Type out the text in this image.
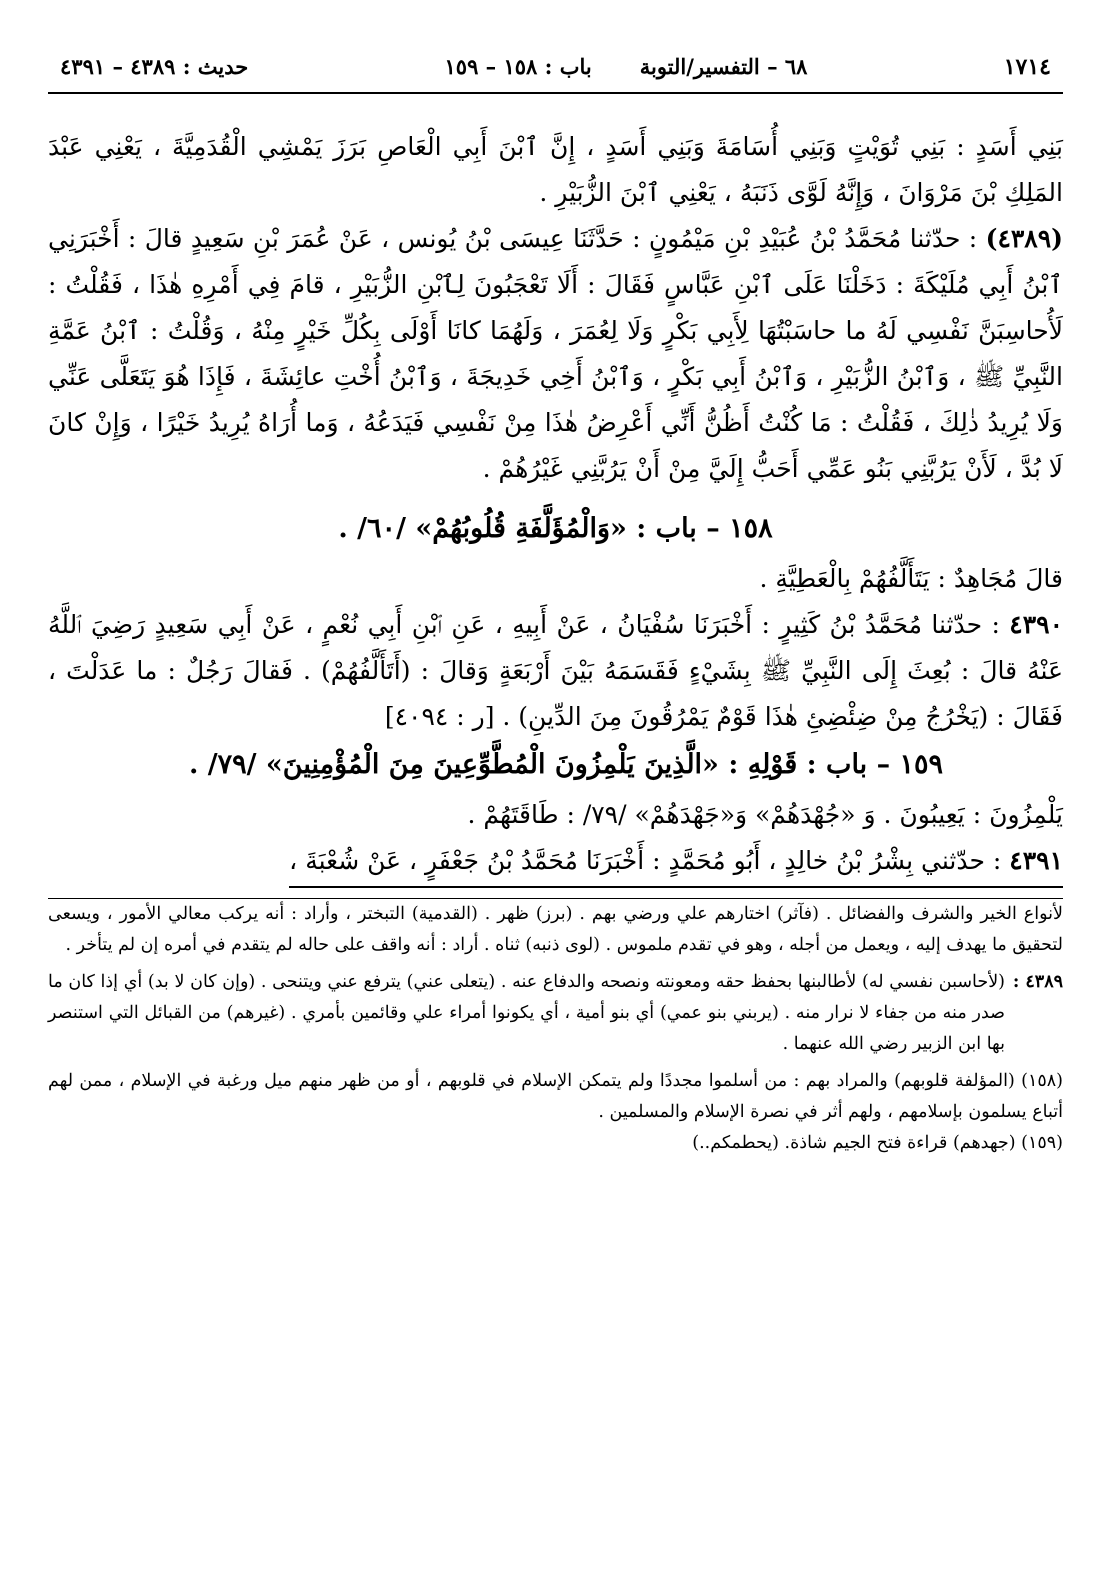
١٧١٤
٦٨ – التفسير/التوبة
باب : ١٥٨ – ١٥٩
حديث : ٤٣٨٩ – ٤٣٩١

بَنِي أَسَدٍ : بَنِي تُوَيْتٍ وَبَنِي أُسَامَةَ وَبَنِي أَسَدٍ ، إِنَّ ٱبْنَ أَبِي الْعَاصِ بَرَزَ يَمْشِي الْقُدَمِيَّةَ ، يَعْنِي عَبْدَ المَلِكِ بْنَ مَرْوَانَ ، وَإِنَّهُ لَوَّى ذَنَبَهُ ، يَعْنِي ٱبْنَ الزُّبَيْرِ .

(٤٣٨٩) : حدّثنا مُحَمَّدُ بْنُ عُبَيْدِ بْنِ مَيْمُونٍ : حَدَّثَنَا عِيسَى بْنُ يُونس ، عَنْ عُمَرَ بْنِ سَعِيدٍ قالَ : أَخْبَرَنِي ٱبْنُ أَبِي مُلَيْكَةَ : دَخَلْنَا عَلَى ٱبْنِ عَبَّاسٍ فَقَالَ : أَلَا تَعْجَبُونَ لِٱبْنِ الزُّبَيْرِ ، قامَ فِي أَمْرِهِ هٰذَا ، فَقُلْتُ : لَأُحاسِبَنَّ نَفْسِي لَهُ ما حاسَبْتُهَا لِأَبِي بَكْرٍ وَلَا لِعُمَرَ ، وَلَهُمَا كانَا أَوْلَى بِكُلِّ خَيْرٍ مِنْهُ ، وَقُلْتُ : ٱبْنُ عَمَّةِ النَّبِيِّ ﷺ ، وَٱبْنُ الزُّبَيْرِ ، وَٱبْنُ أَبِي بَكْرٍ ، وَٱبْنُ أَخِي خَدِيجَةَ ، وَٱبْنُ أُخْتِ عائِشَةَ ، فَإِذَا هُوَ يَتَعَلَّى عَنِّي وَلَا يُرِيدُ ذٰلِكَ ، فَقُلْتُ : مَا كُنْتُ أَظُنُّ أَنِّي أَعْرِضُ هٰذَا مِنْ نَفْسِي فَيَدَعُهُ ، وَما أُرَاهُ يُرِيدُ خَيْرًا ، وَإِنْ كانَ لَا بُدَّ ، لَأَنْ يَرُبَّنِي بَنُو عَمِّي أَحَبُّ إِلَيَّ مِنْ أَنْ يَرُبَّنِي غَيْرُهُمْ .

١٥٨ – باب : «وَالْمُؤَلَّفَةِ قُلُوبُهُمْ» /٦٠/ .

قالَ مُجَاهِدٌ : يَتَأَلَّفُهُمْ بِالْعَطِيَّةِ .

٤٣٩٠ : حدّثنا مُحَمَّدُ بْنُ كَثِيرٍ : أَخْبَرَنَا سُفْيَانُ ، عَنْ أَبِيهِ ، عَنِ ٱبْنِ أَبِي نُعْمٍ ، عَنْ أَبِي سَعِيدٍ رَضِيَ ٱللَّهُ عَنْهُ قالَ : بُعِثَ إِلَى النَّبِيِّ ﷺ بِشَيْءٍ فَقَسَمَهُ بَيْنَ أَرْبَعَةٍ وَقالَ : (أَتَأَلَّفُهُمْ) . فَقالَ رَجُلٌ : ما عَدَلْتَ ، فَقَالَ : (يَخْرُجُ مِنْ ضِئْضِئِ هٰذَا قَوْمٌ يَمْرُقُونَ مِنَ الدِّينِ) . [ر : ٤٠٩٤]

١٥٩ – باب : قَوْلِهِ : «الَّذِينَ يَلْمِزُونَ الْمُطَّوِّعِينَ مِنَ الْمُؤْمِنِينَ» /٧٩/ .

يَلْمِزُونَ : يَعِيبُونَ . وَ «جُهْدَهُمْ» وَ«جَهْدَهُمْ» /٧٩/ : طَاقَتَهُمْ .

٤٣٩١ : حدّثني بِشْرُ بْنُ خالِدٍ ، أَبُو مُحَمَّدٍ : أَخْبَرَنَا مُحَمَّدُ بْنُ جَعْفَرٍ ، عَنْ شُعْبَةَ ،

لأنواع الخير والشرف والفضائل . (فآثر) اختارهم علي ورضي بهم . (برز) ظهر . (القدمية) التبختر ، وأراد : أنه يركب معالي الأمور ، ويسعى لتحقيق ما يهدف إليه ، ويعمل من أجله ، وهو في تقدم ملموس . (لوى ذنبه) ثناه . أراد : أنه واقف على حاله لم يتقدم في أمره إن لم يتأخر .

٤٣٨٩ :

(لأحاسبن نفسي له) لأطالبنها بحفظ حقه ومعونته ونصحه والدفاع عنه . (يتعلى عني) يترفع عني ويتنحى . (وإن كان لا بد) أي إذا كان ما صدر منه من جفاء لا نرار منه . (يربني بنو عمي) أي بنو أمية ، أي يكونوا أمراء علي وقائمين بأمري . (غيرهم) من القبائل التي استنصر بها ابن الزبير رضي الله عنهما .

(١٥٨) (المؤلفة قلوبهم) والمراد بهم : من أسلموا مجددًا ولم يتمكن الإسلام في قلوبهم ، أو من ظهر منهم ميل ورغبة في الإسلام ، ممن لهم أتباع يسلمون بإسلامهم ، ولهم أثر في نصرة الإسلام والمسلمين .

(١٥٩) (جهدهم) قراءة فتح الجيم شاذة. (يحطمكم..)
